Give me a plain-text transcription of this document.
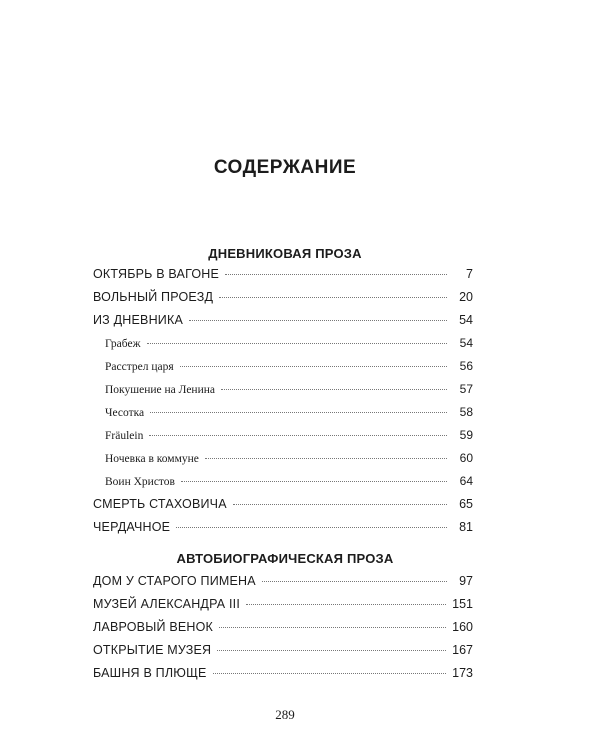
СОДЕРЖАНИЕ
ДНЕВНИКОВАЯ ПРОЗА
ОКТЯБРЬ В ВАГОНЕ	7
ВОЛЬНЫЙ ПРОЕЗД	20
ИЗ ДНЕВНИКА	54
Грабеж	54
Расстрел царя	56
Покушение на Ленина	57
Чесотка	58
Fräulein	59
Ночевка в коммуне	60
Воин Христов	64
СМЕРТЬ СТАХОВИЧА	65
ЧЕРДАЧНОЕ	81
АВТОБИОГРАФИЧЕСКАЯ ПРОЗА
ДОМ У СТАРОГО ПИМЕНА	97
МУЗЕЙ АЛЕКСАНДРА III	151
ЛАВРОВЫЙ ВЕНОК	160
ОТКРЫТИЕ МУЗЕЯ	167
БАШНЯ В ПЛЮЩЕ	173
289
